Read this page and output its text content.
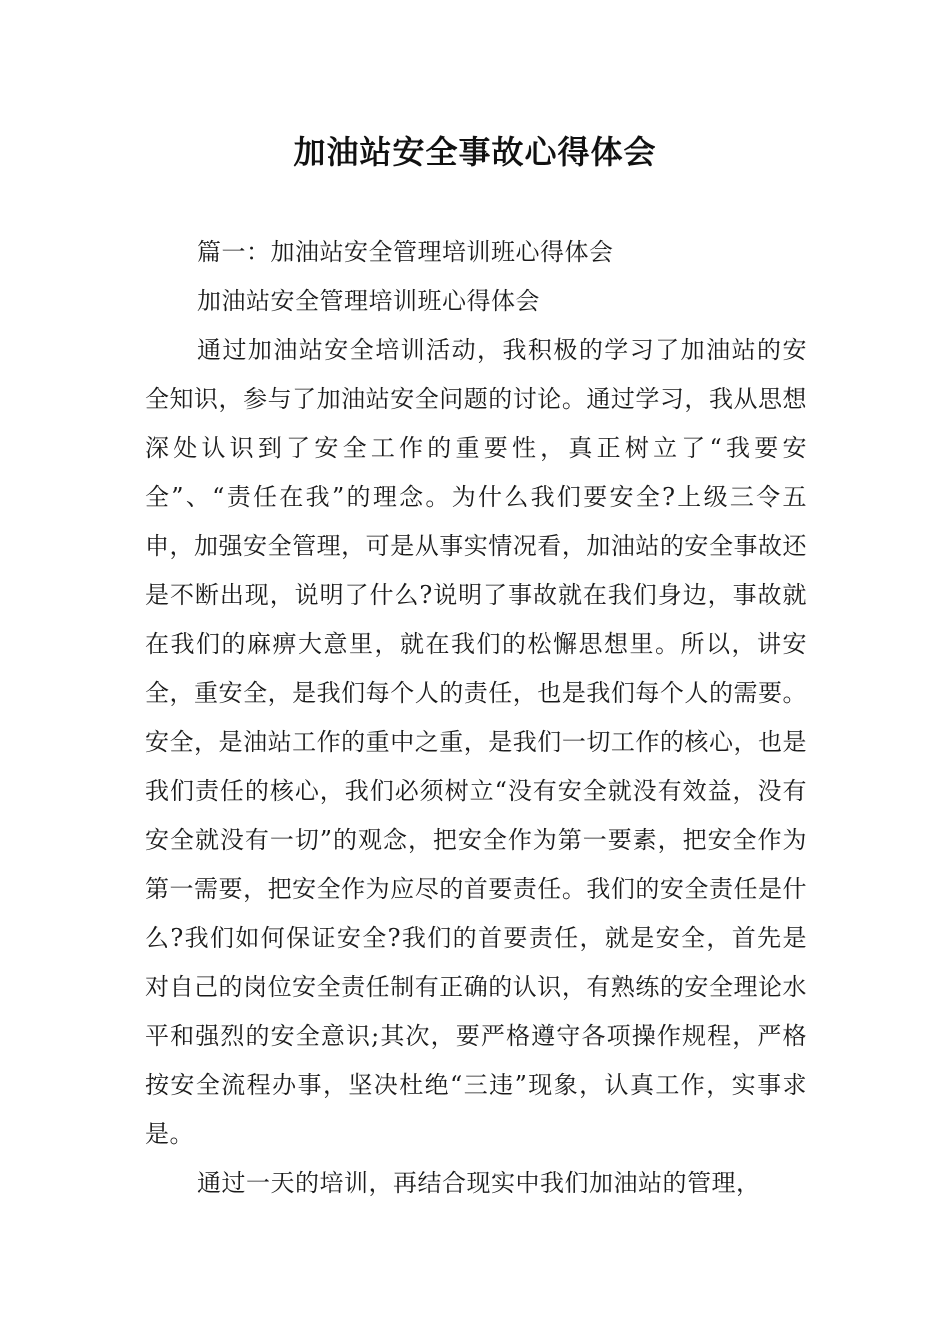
加油站安全事故心得体会

篇一：加油站安全管理培训班心得体会

加油站安全管理培训班心得体会

通过加油站安全培训活动，我积极的学习了加油站的安全知识，参与了加油站安全问题的讨论。通过学习，我从思想深处认识到了安全工作的重要性，真正树立了“我要安全”、“责任在我”的理念。为什么我们要安全?上级三令五申，加强安全管理，可是从事实情况看，加油站的安全事故还是不断出现，说明了什么?说明了事故就在我们身边，事故就在我们的麻痹大意里，就在我们的松懈思想里。所以，讲安全，重安全，是我们每个人的责任，也是我们每个人的需要。安全，是油站工作的重中之重，是我们一切工作的核心，也是我们责任的核心，我们必须树立“没有安全就没有效益，没有安全就没有一切”的观念，把安全作为第一要素，把安全作为第一需要，把安全作为应尽的首要责任。我们的安全责任是什么?我们如何保证安全?我们的首要责任，就是安全，首先是对自己的岗位安全责任制有正确的认识，有熟练的安全理论水平和强烈的安全意识;其次，要严格遵守各项操作规程，严格按安全流程办事，坚决杜绝“三违”现象，认真工作，实事求是。

通过一天的培训，再结合现实中我们加油站的管理，
